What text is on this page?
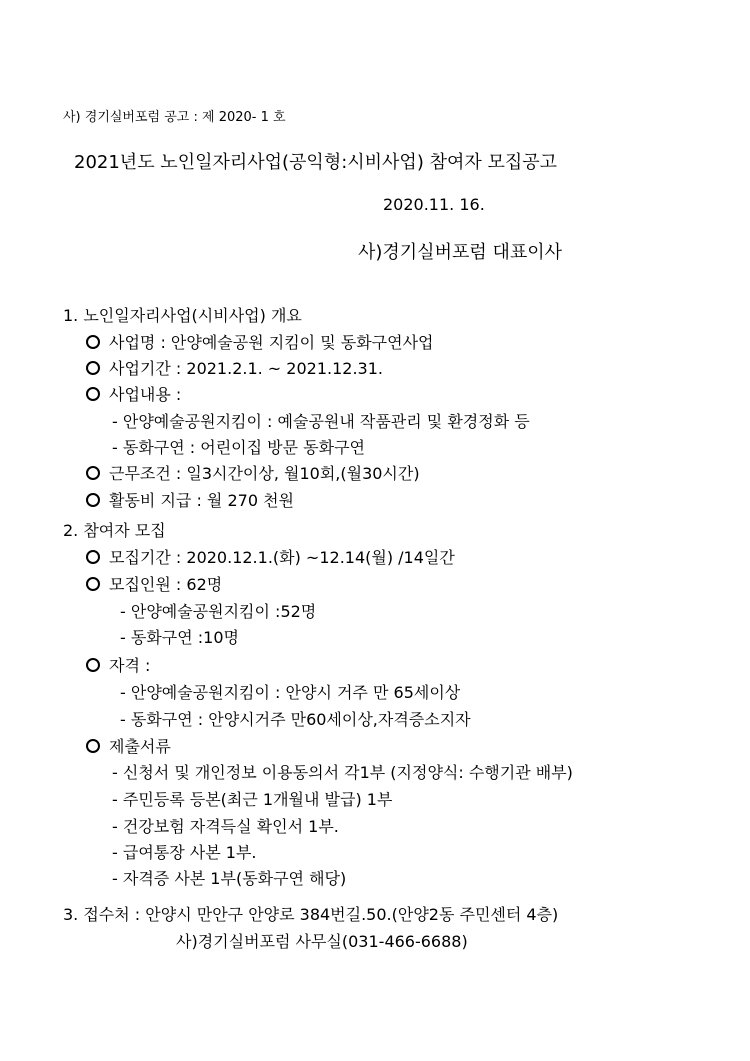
사) 경기실버포럼 공고 : 제 2020- 1 호
2021년도 노인일자리사업(공익형:시비사업) 참여자 모집공고
2020.11. 16.
사)경기실버포럼 대표이사
1. 노인일자리사업(시비사업) 개요
사업명 : 안양예술공원 지킴이 및 동화구연사업
사업기간 : 2021.2.1. ~ 2021.12.31.
사업내용 :
- 안양예술공원지킴이 : 예술공원내 작품관리 및 환경정화 등
- 동화구연 : 어린이집 방문 동화구연
근무조건 : 일3시간이상, 월10회,(월30시간)
활동비 지급 : 월 270 천원
2. 참여자 모집
모집기간 : 2020.12.1.(화) ~12.14(월) /14일간
모집인원 : 62명
- 안양예술공원지킴이 :52명
- 동화구연 :10명
자격 :
- 안양예술공원지킴이 : 안양시 거주 만 65세이상
- 동화구연 : 안양시거주 만60세이상,자격증소지자
제출서류
- 신청서 및 개인정보 이용동의서 각1부 (지정양식: 수행기관 배부)
- 주민등록 등본(최근 1개월내 발급) 1부
- 건강보험 자격득실 확인서 1부.
- 급여통장 사본 1부.
- 자격증 사본 1부(동화구연 해당)
3. 접수처 : 안양시 만안구 안양로 384번길.50.(안양2동 주민센터 4층)
사)경기실버포럼 사무실(031-466-6688)
